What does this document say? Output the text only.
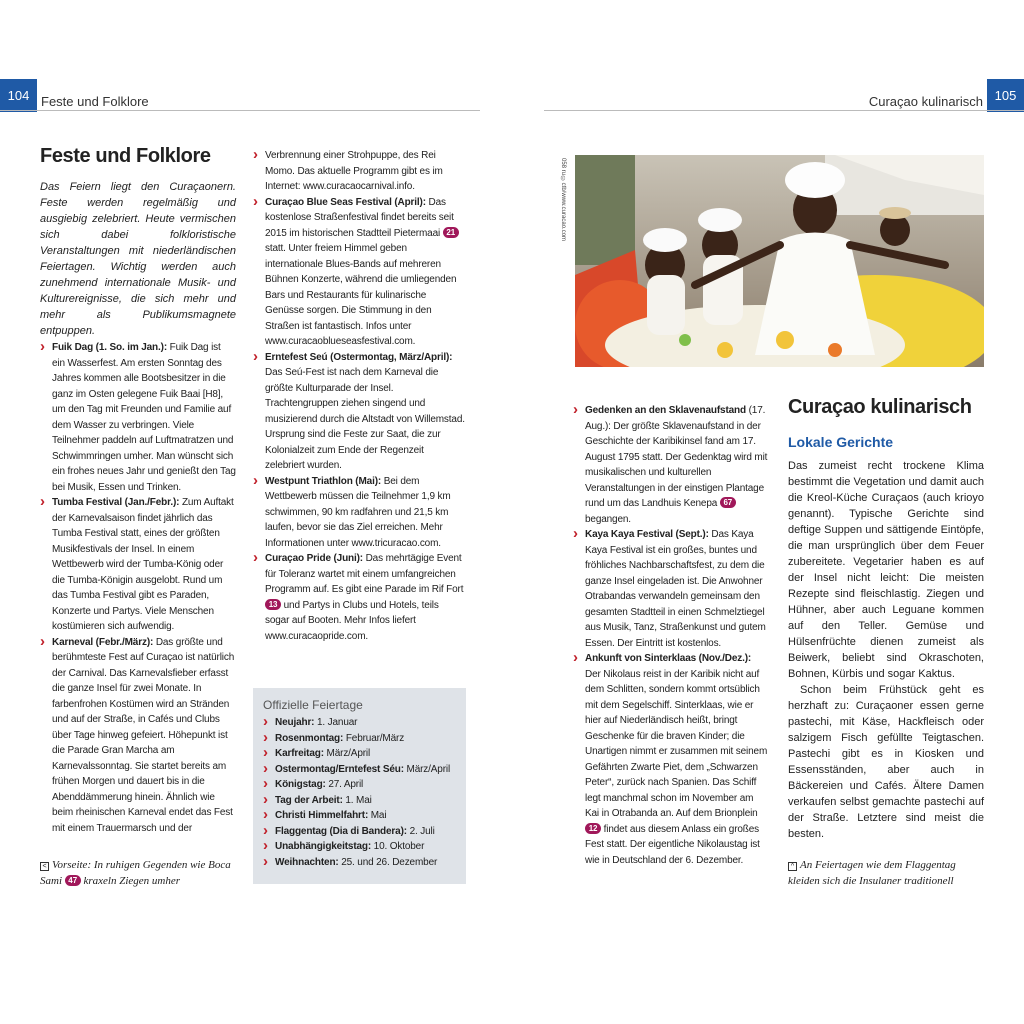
104 Feste und Folklore	Curaçao kulinarisch 105
Feste und Folklore

Das Feiern liegt den Curaçaonern. Feste werden regelmäßig und ausgiebig zelebriert. Heute vermischen sich dabei folkloristische Veranstaltungen mit niederländischen Feiertagen. Wichtig werden auch zunehmend internationale Musik- und Kulturereignisse, die sich mehr und mehr als Publikumsmagnete entpuppen.

› Fuik Dag (1. So. im Jan.): Fuik Dag ist ein Wasserfest. Am ersten Sonntag des Jahres kommen alle Bootsbesitzer in die ganz im Osten gelegene Fuik Baai [H8], um den Tag mit Freunden und Familie auf dem Wasser zu verbringen. Viele Teilnehmer paddeln auf Luftmatratzen und Schwimmringen umher. Man wünscht sich ein frohes neues Jahr und genießt den Tag bei Musik, Essen und Trinken.
› Tumba Festival (Jan./Febr.): Zum Auftakt der Karnevalsaison findet jährlich das Tumba Festival statt, eines der größten Musikfestivals der Insel. In einem Wettbewerb wird der Tumba-König oder die Tumba-Königin ausgelobt. Rund um das Tumba Festival gibt es Paraden, Konzerte und Partys. Viele Menschen kostümieren sich aufwendig.
› Karneval (Febr./März): Das größte und berühmteste Fest auf Curaçao ist natürlich der Carnival. Das Karnevalsfieber erfasst die ganze Insel für zwei Monate. In farbenfrohen Kostümen wird an Stränden und auf der Straße, in Cafés und Clubs über Tage hinweg gefeiert. Höhepunkt ist die Parade Gran Marcha am Karnevalssonntag. Sie startet bereits am frühen Morgen und dauert bis in die Abenddämmerung hinein. Ähnlich wie beim rheinischen Karneval endet das Fest mit einem Trauermarsch und der
< Vorseite: In ruhigen Gegenden wie Boca Sami 47 kraxeln Ziegen umher
› Verbrennung einer Strohpuppe, des Rei Momo. Das aktuelle Programm gibt es im Internet: www.curacaocarnival.info.
› Curaçao Blue Seas Festival (April): Das kostenlose Straßenfestival findet bereits seit 2015 im historischen Stadtteil Pietermaai 21 statt. Unter freiem Himmel geben internationale Blues-Bands auf mehreren Bühnen Konzerte, während die umliegenden Bars und Restaurants für kulinarische Genüsse sorgen. Die Stimmung in den Straßen ist fantastisch. Infos unter www.curacaoblueseasfestival.com.
› Erntefest Seú (Ostermontag, März/April): Das Seú-Fest ist nach dem Karneval die größte Kulturparade der Insel. Trachtengruppen ziehen singend und musizierend durch die Altstadt von Willemstad. Ursprung sind die Feste zur Saat, die zur Kolonialzeit zum Ende der Regenzeit zelebriert wurden.
› Westpunt Triathlon (Mai): Bei dem Wettbewerb müssen die Teilnehmer 1,9 km schwimmen, 90 km radfahren und 21,5 km laufen, bevor sie das Ziel erreichen. Mehr Informationen unter www.tricuracao.com.
› Curaçao Pride (Juni): Das mehrtägige Event für Toleranz wartet mit einem umfangreichen Programm auf. Es gibt eine Parade im Rif Fort 13 und Partys in Clubs und Hotels, teils sogar auf Booten. Mehr Infos liefert www.curacaopride.com.
Offizielle Feiertage
› Neujahr: 1. Januar
› Rosenmontag: Februar/März
› Karfreitag: März/April
› Ostermontag/Erntefest Séu: März/April
› Königstag: 27. April
› Tag der Arbeit: 1. Mai
› Christi Himmelfahrt: Mai
› Flaggentag (Dia di Bandera): 2. Juli
› Unabhängigkeitstag: 10. Oktober
› Weihnachten: 25. und 26. Dezember
058 ru ©ctb/www.curacao.com
› Gedenken an den Sklavenaufstand (17. Aug.): Der größte Sklavenaufstand in der Geschichte der Karibikinsel fand am 17. August 1795 statt. Der Gedenktag wird mit musikalischen und kulturellen Veranstaltungen in der einstigen Plantage rund um das Landhuis Kenepa 67 begangen.
› Kaya Kaya Festival (Sept.): Das Kaya Kaya Festival ist ein großes, buntes und fröhliches Nachbarschaftsfest, zu dem die ganze Insel eingeladen ist. Die Anwohner Otrabandas verwandeln gemeinsam den gesamten Stadtteil in einen Schmelztiegel aus Musik, Tanz, Straßenkunst und gutem Essen. Der Eintritt ist kostenlos.
› Ankunft von Sinterklaas (Nov./Dez.): Der Nikolaus reist in der Karibik nicht auf dem Schlitten, sondern kommt ortsüblich mit dem Segelschiff. Sinterklaas, wie er hier auf Niederländisch heißt, bringt Geschenke für die braven Kinder; die Unartigen nimmt er zusammen mit seinem Gefährten Zwarte Piet, dem „Schwarzen Peter“, zurück nach Spanien. Das Schiff legt manchmal schon im November am Kai in Otrabanda an. Auf dem Brionplein 12 findet aus diesem Anlass ein großes Fest statt. Der eigentliche Nikolaustag ist wie in Deutschland der 6. Dezember.
Curaçao kulinarisch
Lokale Gerichte

Das zumeist recht trockene Klima bestimmt die Vegetation und damit auch die Kreol-Küche Curaçaos (auch krioyo genannt). Typische Gerichte sind deftige Suppen und sättigende Eintöpfe, die man ursprünglich über dem Feuer zubereitete. Vegetarier haben es auf der Insel nicht leicht: Die meisten Rezepte sind fleischlastig. Ziegen und Hühner, aber auch Leguane kommen auf den Teller. Gemüse und Hülsenfrüchte dienen zumeist als Beiwerk, beliebt sind Okraschoten, Bohnen, Kürbis und sogar Kaktus.

Schon beim Frühstück geht es herzhaft zu: Curaçaoner essen gerne pastechi, mit Käse, Hackfleisch oder salzigem Fisch gefüllte Teigtaschen. Pastechi gibt es in Kiosken und Essensständen, aber auch in Bäckereien und Cafés. Ältere Damen verkaufen selbst gemachte pastechi auf der Straße. Letztere sind meist die besten.

^ An Feiertagen wie dem Flaggentag kleiden sich die Insulaner traditionell
